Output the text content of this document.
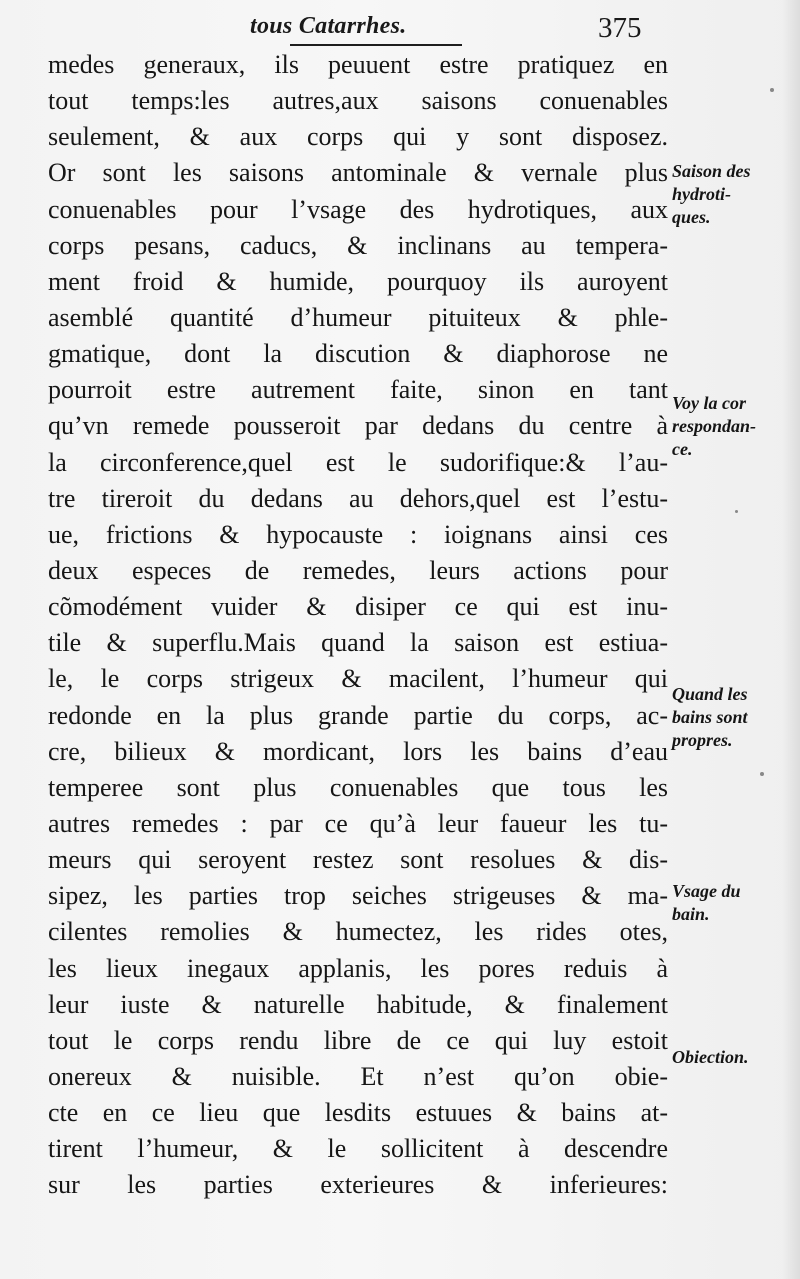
tous Catarrhes.	375
medes generaux, ils peuuent estre pratiquez en
tout temps:les autres,aux saisons conuenables
seulement, & aux corps qui y sont disposez.
Or sont les saisons antominale & vernale plus
conuenables pour l’vsage des hydrotiques, aux
corps pesans, caducs, & inclinans au tempera-
ment froid & humide, pourquoy ils auroyent
asemblé quantité d’humeur pituiteux & phle-
gmatique, dont la discution & diaphorose ne
pourroit estre autrement faite, sinon en tant
qu’vn remede pousseroit par dedans du centre à
la circonference,quel est le sudorifique:& l’au-
tre tireroit du dedans au dehors,quel est l’estu-
ue, frictions & hypocauste : ioignans ainsi ces
deux especes de remedes, leurs actions pour
cõmodément vuider & disiper ce qui est inu-
tile & superflu.Mais quand la saison est estiua-
le, le corps strigeux & macilent, l’humeur qui
redonde en la plus grande partie du corps, ac-
cre, bilieux & mordicant, lors les bains d’eau
temperee sont plus conuenables que tous les
autres remedes : par ce qu’à leur faueur les tu-
meurs qui seroyent restez sont resolues & dis-
sipez, les parties trop seiches strigeuses & ma-
cilentes remolies & humectez, les rides otes,
les lieux inegaux applanis, les pores reduis à
leur iuste & naturelle habitude, & finalement
tout le corps rendu libre de ce qui luy estoit
onereux & nuisible. Et n’est qu’on obie-
cte en ce lieu que lesdits estuues & bains at-
tirent l’humeur, & le sollicitent à descendre
sur les parties exterieures & inferieures:
Saison des
hydroti-
ques.
Voy la cor
respondan-
ce.
Quand les
bains sont
propres.
Vsage du
bain.
Obiection.
